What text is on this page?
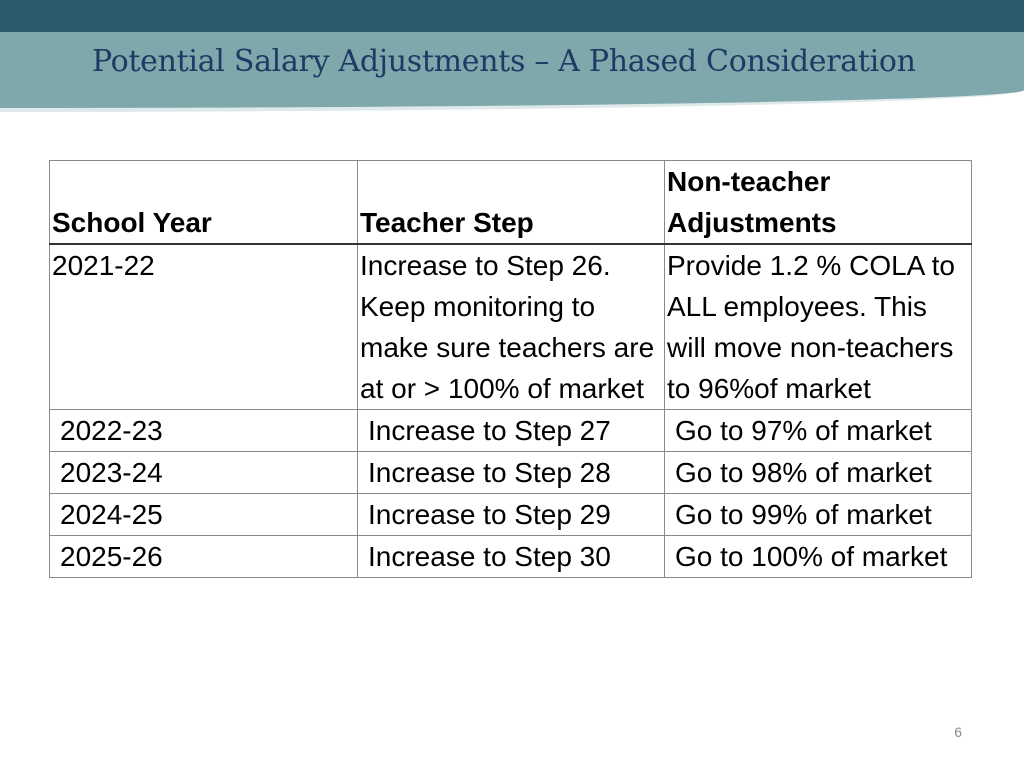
Potential Salary Adjustments – A Phased Consideration
School Year	Teacher Step	Non-teacher Adjustments
2021-22	Increase to Step 26. Keep monitoring to make sure teachers are at or > 100% of market	Provide 1.2 % COLA to ALL employees. This will move non-teachers to 96%of market
2022-23	Increase to Step 27	Go to 97% of market
2023-24	Increase to Step 28	Go to 98% of market
2024-25	Increase to Step 29	Go to 99% of market
2025-26	Increase to Step 30	Go to 100% of market
6
